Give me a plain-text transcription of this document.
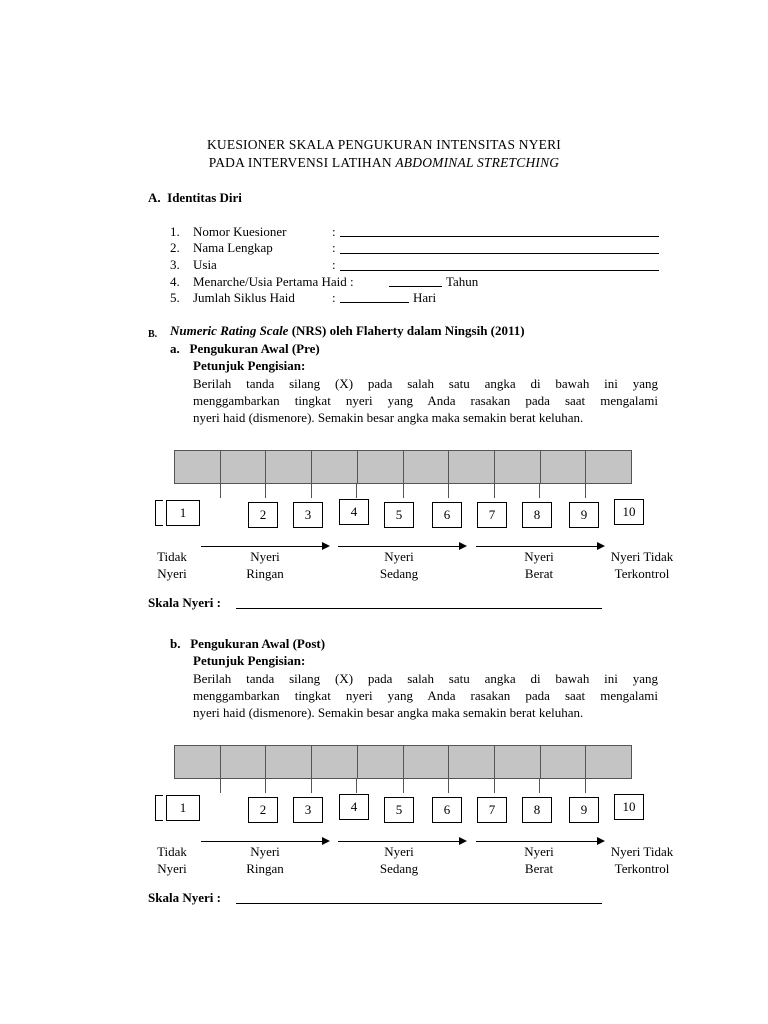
KUESIONER SKALA PENGUKURAN INTENSITAS NYERI
PADA INTERVENSI LATIHAN ABDOMINAL STRETCHING
A.  Identitas Diri
1. Nomor Kuesioner	:
2. Nama Lengkap	:
3. Usia	:
4. Menarche/Usia Pertama Haid :	Tahun
5. Jumlah Siklus Haid	:	Hari
B. Numeric Rating Scale (NRS) oleh Flaherty dalam Ningsih (2011)
a.   Pengukuran Awal (Pre)
Petunjuk Pengisian:
Berilah tanda silang (X) pada salah satu angka di bawah ini yang
menggambarkan tingkat nyeri yang Anda rasakan pada saat mengalami
nyeri haid (dismenore). Semakin besar angka maka semakin berat keluhan.
1	2	3	4	5	6	7	8	9	10
Tidak
Nyeri
Nyeri
Ringan
Nyeri
Sedang
Nyeri
Berat
Nyeri Tidak
Terkontrol
Skala Nyeri :
b.   Pengukuran Awal (Post)
Petunjuk Pengisian:
Berilah tanda silang (X) pada salah satu angka di bawah ini yang
menggambarkan tingkat nyeri yang Anda rasakan pada saat mengalami
nyeri haid (dismenore). Semakin besar angka maka semakin berat keluhan.
1	2	3	4	5	6	7	8	9	10
Tidak
Nyeri
Nyeri
Ringan
Nyeri
Sedang
Nyeri
Berat
Nyeri Tidak
Terkontrol
Skala Nyeri :
